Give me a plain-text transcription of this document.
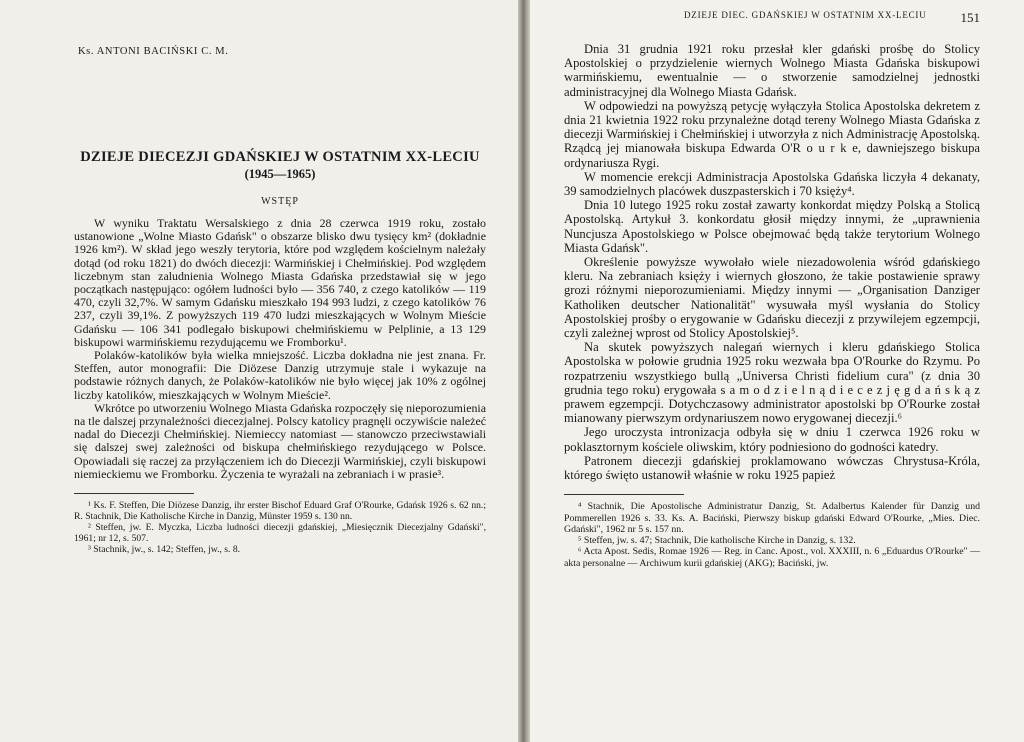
Ks. ANTONI BACIŃSKI C. M.
DZIEJE DIECEZJI GDAŃSKIEJ W OSTATNIM XX-LECIU
(1945—1965)
WSTĘP

W wyniku Traktatu Wersalskiego z dnia 28 czerwca 1919 roku, zostało ustanowione „Wolne Miasto Gdańsk" o obszarze blisko dwu tysięcy km² (dokładnie 1926 km²). W skład jego weszły terytoria, które pod względem kościelnym należały dotąd (od roku 1821) do dwóch diecezji: Warmińskiej i Chełmińskiej. Pod względem liczebnym stan zaludnienia Wolnego Miasta Gdańska przedstawiał się w jego początkach następująco: ogółem ludności było — 356 740, z czego katolików — 119 470, czyli 32,7%. W samym Gdańsku mieszkało 194 993 ludzi, z czego katolików 76 237, czyli 39,1%. Z powyższych 119 470 ludzi mieszkających w Wolnym Mieście Gdańsku — 106 341 podlegało biskupowi chełmińskiemu w Pelplinie, a 13 129 biskupowi warmińskiemu rezydującemu we Fromborku¹.

Polaków-katolików była wielka mniejszość. Liczba dokładna nie jest znana. Fr. Steffen, autor monografii: Die Diözese Danzig utrzymuje stale i wykazuje na podstawie różnych danych, że Polaków-katolików nie było więcej jak 10% z ogólnej liczby katolików, mieszkających w Wolnym Mieście².

Wkrótce po utworzeniu Wolnego Miasta Gdańska rozpoczęły się nieporozumienia na tle dalszej przynależności diecezjalnej. Polscy katolicy pragnęli oczywiście należeć nadal do Diecezji Chełmińskiej. Niemieccy natomiast — stanowczo przeciwstawiali się dalszej swej zależności od biskupa chełmińskiego rezydującego w Polsce. Opowiadali się raczej za przyłączeniem ich do Diecezji Warmińskiej, czyli biskupowi niemieckiemu we Fromborku. Życzenia te wyrażali na zebraniach i w prasie³.

¹ Ks. F. Steffen, Die Diözese Danzig, ihr erster Bischof Eduard Graf O'Rourke, Gdańsk 1926 s. 62 nn.; R. Stachnik, Die Katholische Kirche in Danzig, Münster 1959 s. 130 nn.

² Steffen, jw. E. Myczka, Liczba ludności diecezji gdańskiej, „Miesięcznik Diecezjalny Gdański", 1961; nr 12, s. 507.

³ Stachnik, jw., s. 142; Steffen, jw., s. 8.

DZIEJE DIEC. GDAŃSKIEJ W OSTATNIM XX-LECIU	151

Dnia 31 grudnia 1921 roku przesłał kler gdański prośbę do Stolicy Apostolskiej o przydzielenie wiernych Wolnego Miasta Gdańska biskupowi warmińskiemu, ewentualnie — o stworzenie samodzielnej jednostki administracyjnej dla Wolnego Miasta Gdańsk.

W odpowiedzi na powyższą petycję wyłączyła Stolica Apostolska dekretem z dnia 21 kwietnia 1922 roku przynależne dotąd tereny Wolnego Miasta Gdańska z diecezji Warmińskiej i Chełmińskiej i utworzyła z nich Administrację Apostolską. Rządcą jej mianowała biskupa Edwarda O'R o u r k e, dawniejszego biskupa ordynariusza Rygi.

W momencie erekcji Administracja Apostolska Gdańska liczyła 4 dekanaty, 39 samodzielnych placówek duszpasterskich i 70 księży⁴.

Dnia 10 lutego 1925 roku został zawarty konkordat między Polską a Stolicą Apostolską. Artykuł 3. konkordatu głosił między innymi, że „uprawnienia Nuncjusza Apostolskiego w Polsce obejmować będą także terytorium Wolnego Miasta Gdańsk".

Określenie powyższe wywołało wiele niezadowolenia wśród gdańskiego kleru. Na zebraniach księży i wiernych głoszono, że takie postawienie sprawy grozi różnymi nieporozumieniami. Między innymi — „Organisation Danziger Katholiken deutscher Nationalität" wysuwała myśl wysłania do Stolicy Apostolskiej prośby o erygowanie w Gdańsku diecezji z przywilejem egzempcji, czyli zależnej wprost od Stolicy Apostolskiej⁵.

Na skutek powyższych nalegań wiernych i kleru gdańskiego Stolica Apostolska w połowie grudnia 1925 roku wezwała bpa O'Rourke do Rzymu. Po rozpatrzeniu wszystkiego bullą „Universa Christi fidelium cura" (z dnia 30 grudnia tego roku) erygowała s a m o d z i e l n ą d i e c e z j ę g d a ń s k ą z prawem egzempcji. Dotychczasowy administrator apostolski bp O'Rourke został mianowany pierwszym ordynariuszem nowo erygowanej diecezji.⁶

Jego uroczysta intronizacja odbyła się w dniu 1 czerwca 1926 roku w poklasztornym kościele oliwskim, który podniesiono do godności katedry.

Patronem diecezji gdańskiej proklamowano wówczas Chrystusa-Króla, którego święto ustanowił właśnie w roku 1925 papież

⁴ Stachnik, Die Apostolische Administratur Danzig, St. Adalbertus Kalender für Danzig und Pommerellen 1926 s. 33. Ks. A. Baciński, Pierwszy biskup gdański Edward O'Rourke, „Mies. Diec. Gdański", 1962 nr 5 s. 157 nn.

⁵ Steffen, jw. s. 47; Stachnik, Die katholische Kirche in Danzig, s. 132.

⁶ Acta Apost. Sedis, Romae 1926 — Reg. in Canc. Apost., vol. XXXIII, n. 6 „Eduardus O'Rourke" — akta personalne — Archiwum kurii gdańskiej (AKG); Baciński, jw.
